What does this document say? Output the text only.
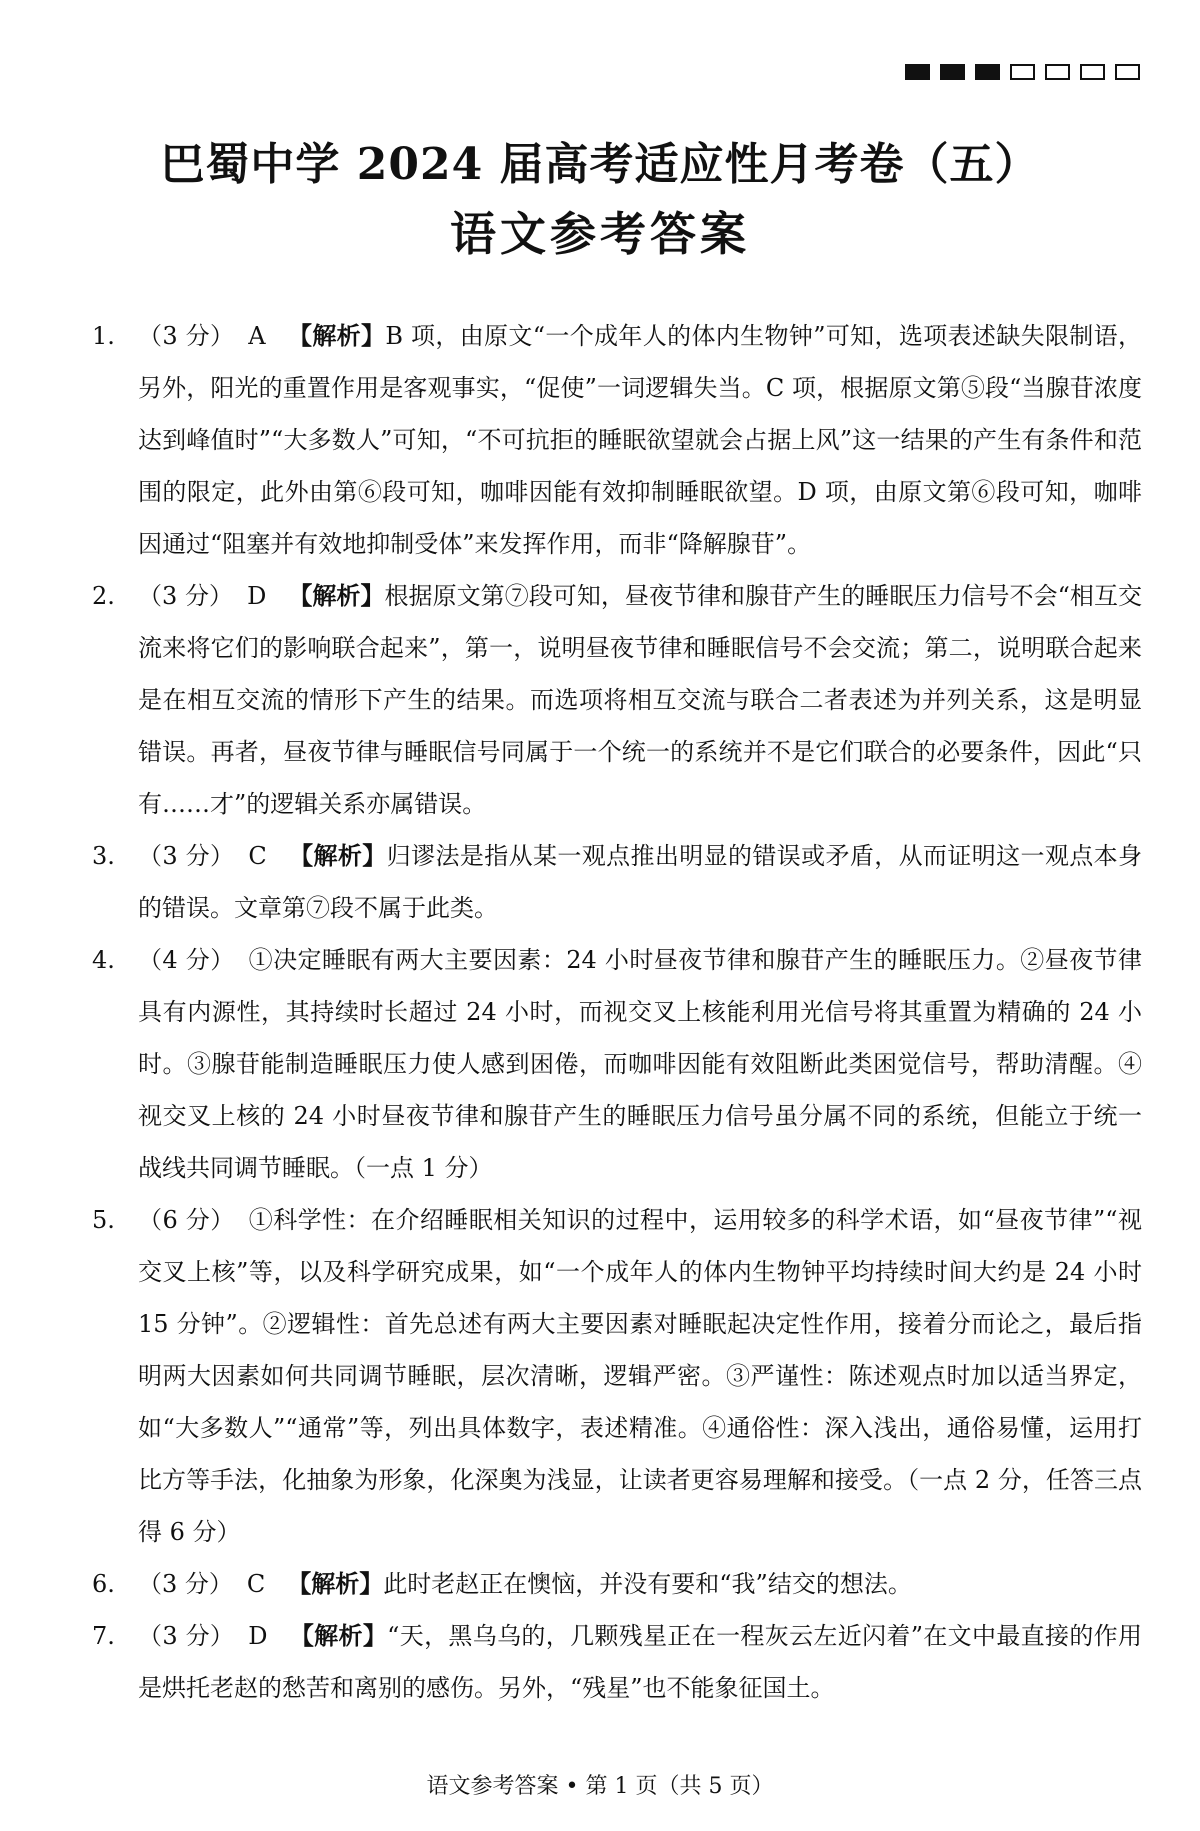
巴蜀中学 2024 届高考适应性月考卷（五）
语文参考答案
1. （3 分） A 【解析】B 项，由原文“一个成年人的体内生物钟”可知，选项表述缺失限制语，另外，阳光的重置作用是客观事实，“促使”一词逻辑失当。C 项，根据原文第⑤段“当腺苷浓度达到峰值时”“大多数人”可知，“不可抗拒的睡眠欲望就会占据上风”这一结果的产生有条件和范围的限定，此外由第⑥段可知，咖啡因能有效抑制睡眠欲望。D 项，由原文第⑥段可知，咖啡因通过“阻塞并有效地抑制受体”来发挥作用，而非“降解腺苷”。
2. （3 分） D 【解析】根据原文第⑦段可知，昼夜节律和腺苷产生的睡眠压力信号不会“相互交流来将它们的影响联合起来”，第一，说明昼夜节律和睡眠信号不会交流；第二，说明联合起来是在相互交流的情形下产生的结果。而选项将相互交流与联合二者表述为并列关系，这是明显错误。再者，昼夜节律与睡眠信号同属于一个统一的系统并不是它们联合的必要条件，因此“只有……才”的逻辑关系亦属错误。
3. （3 分） C 【解析】归谬法是指从某一观点推出明显的错误或矛盾，从而证明这一观点本身的错误。文章第⑦段不属于此类。
4. （4 分） ①决定睡眠有两大主要因素：24 小时昼夜节律和腺苷产生的睡眠压力。②昼夜节律具有内源性，其持续时长超过 24 小时，而视交叉上核能利用光信号将其重置为精确的 24 小时。③腺苷能制造睡眠压力使人感到困倦，而咖啡因能有效阻断此类困觉信号，帮助清醒。④视交叉上核的 24 小时昼夜节律和腺苷产生的睡眠压力信号虽分属不同的系统，但能立于统一战线共同调节睡眠。（一点 1 分）
5. （6 分） ①科学性：在介绍睡眠相关知识的过程中，运用较多的科学术语，如“昼夜节律”“视交叉上核”等，以及科学研究成果，如“一个成年人的体内生物钟平均持续时间大约是 24 小时 15 分钟”。②逻辑性：首先总述有两大主要因素对睡眠起决定性作用，接着分而论之，最后指明两大因素如何共同调节睡眠，层次清晰，逻辑严密。③严谨性：陈述观点时加以适当界定，如“大多数人”“通常”等，列出具体数字，表述精准。④通俗性：深入浅出，通俗易懂，运用打比方等手法，化抽象为形象，化深奥为浅显，让读者更容易理解和接受。（一点 2 分，任答三点得 6 分）
6. （3 分） C 【解析】此时老赵正在懊恼，并没有要和“我”结交的想法。
7. （3 分） D 【解析】“天，黑乌乌的，几颗残星正在一程灰云左近闪着”在文中最直接的作用是烘托老赵的愁苦和离别的感伤。另外，“残星”也不能象征国土。
语文参考答案 • 第 1 页（共 5 页）
